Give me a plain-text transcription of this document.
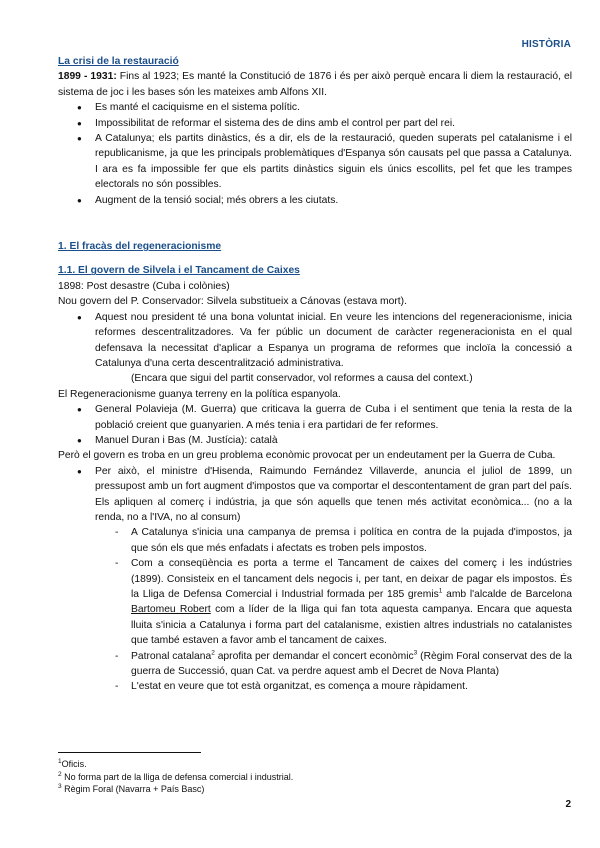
HISTÒRIA
La crisi de la restauració
1899 - 1931: Fins al 1923; Es manté la Constitució de 1876 i és per això perquè encara li diem la restauració, el sistema de joc i les bases són les mateixes amb Alfons XII.
● Es manté el caciquisme en el sistema polític.
● Impossibilitat de reformar el sistema des de dins amb el control per part del rei.
● A Catalunya; els partits dinàstics, és a dir, els de la restauració, queden superats pel catalanisme i el republicanisme, ja que les principals problemàtiques d'Espanya són causats pel que passa a Catalunya. I ara es fa impossible fer que els partits dinàstics siguin els únics escollits, pel fet que les trampes electorals no són possibles.
● Augment de la tensió social; més obrers a les ciutats.
1. El fracàs del regeneracionisme
1.1. El govern de Silvela i el Tancament de Caixes
1898: Post desastre (Cuba i colònies)
Nou govern del P. Conservador: Silvela substitueix a Cánovas (estava mort).
● Aquest nou president té una bona voluntat inicial. En veure les intencions del regeneracionisme, inicia reformes descentralitzadores. Va fer públic un document de caràcter regeneracionista en el qual defensava la necessitat d'aplicar a Espanya un programa de reformes que incloïa la concessió a Catalunya d'una certa descentralització administrativa.
(Encara que sigui del partit conservador, vol reformes a causa del context.)
El Regeneracionisme guanya terreny en la política espanyola.
● General Polavieja (M. Guerra) que criticava la guerra de Cuba i el sentiment que tenia la resta de la població creient que guanyarien. A més tenia i era partidari de fer reformes.
● Manuel Duran i Bas (M. Justícia): català
Però el govern es troba en un greu problema econòmic provocat per un endeutament per la Guerra de Cuba.
● Per això, el ministre d'Hisenda, Raimundo Fernández Villaverde, anuncia el juliol de 1899, un pressupost amb un fort augment d'impostos que va comportar el descontentament de gran part del país. Els apliquen al comerç i indústria, ja que són aquells que tenen més activitat econòmica... (no a la renda, no a l'IVA, no al consum)
- A Catalunya s'inicia una campanya de premsa i política en contra de la pujada d'impostos, ja que són els que més enfadats i afectats es troben pels impostos.
- Com a conseqüència es porta a terme el Tancament de caixes del comerç i les indústries (1899). Consisteix en el tancament dels negocis i, per tant, en deixar de pagar els impostos. És la Lliga de Defensa Comercial i Industrial formada per 185 gremis$^1$ amb l'alcalde de Barcelona Bartomeu Robert com a líder de la lliga qui fan tota aquesta campanya. Encara que aquesta lluita s'inicia a Catalunya i forma part del catalanisme, existien altres industrials no catalanistes que també estaven a favor amb el tancament de caixes.
- Patronal catalana$^2$ aprofita per demandar el concert econòmic$^3$ (Règim Foral conservat des de la guerra de Successió, quan Cat. va perdre aquest amb el Decret de Nova Planta)
- L'estat en veure que tot està organitzat, es comença a moure ràpidament.
$^1$Oficis.
$^2$ No forma part de la lliga de defensa comercial i industrial.
$^3$ Règim Foral (Navarra + País Basc)
2
